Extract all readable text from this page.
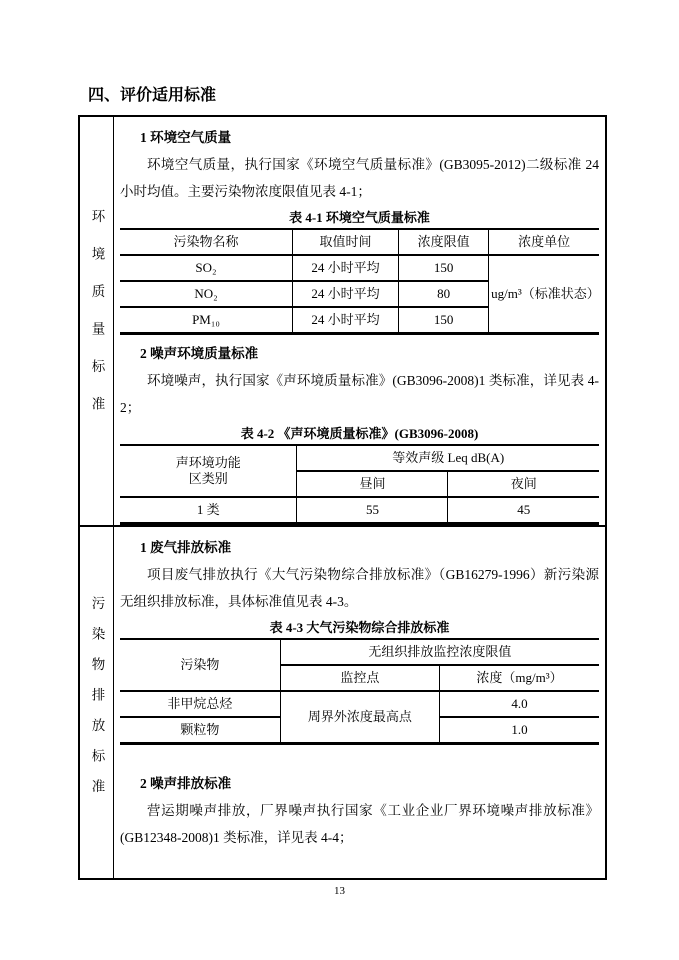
四、评价适用标准
环境质量标准
1 环境空气质量

环境空气质量，执行国家《环境空气质量标准》(GB3095-2012)二级标准 24 小时均值。主要污染物浓度限值见表 4-1；

表 4-1 环境空气质量标准
污染物名称	取值时间	浓度限值	浓度单位
SO₂	24 小时平均	150	ug/m³（标准状态）
NO₂	24 小时平均	80	
PM₁₀	24 小时平均	150	
2 噪声环境质量标准

环境噪声，执行国家《声环境质量标准》(GB3096-2008)1 类标准，详见表 4-2；

表 4-2 《声环境质量标准》(GB3096-2008)
声环境功能
区类别	等效声级 Leq dB(A)	
	昼间	夜间
1 类	55	45
污染物排放标准
1 废气排放标准

项目废气排放执行《大气污染物综合排放标准》（GB16279-1996）新污染源无组织排放标准，具体标准值见表 4-3。

表 4-3 大气污染物综合排放标准
污染物	无组织排放监控浓度限值	
	监控点	浓度（mg/m³）
非甲烷总烃	周界外浓度最高点	4.0
颗粒物		1.0
2 噪声排放标准

营运期噪声排放，厂界噪声执行国家《工业企业厂界环境噪声排放标准》(GB12348-2008)1 类标准，详见表 4-4；

13
